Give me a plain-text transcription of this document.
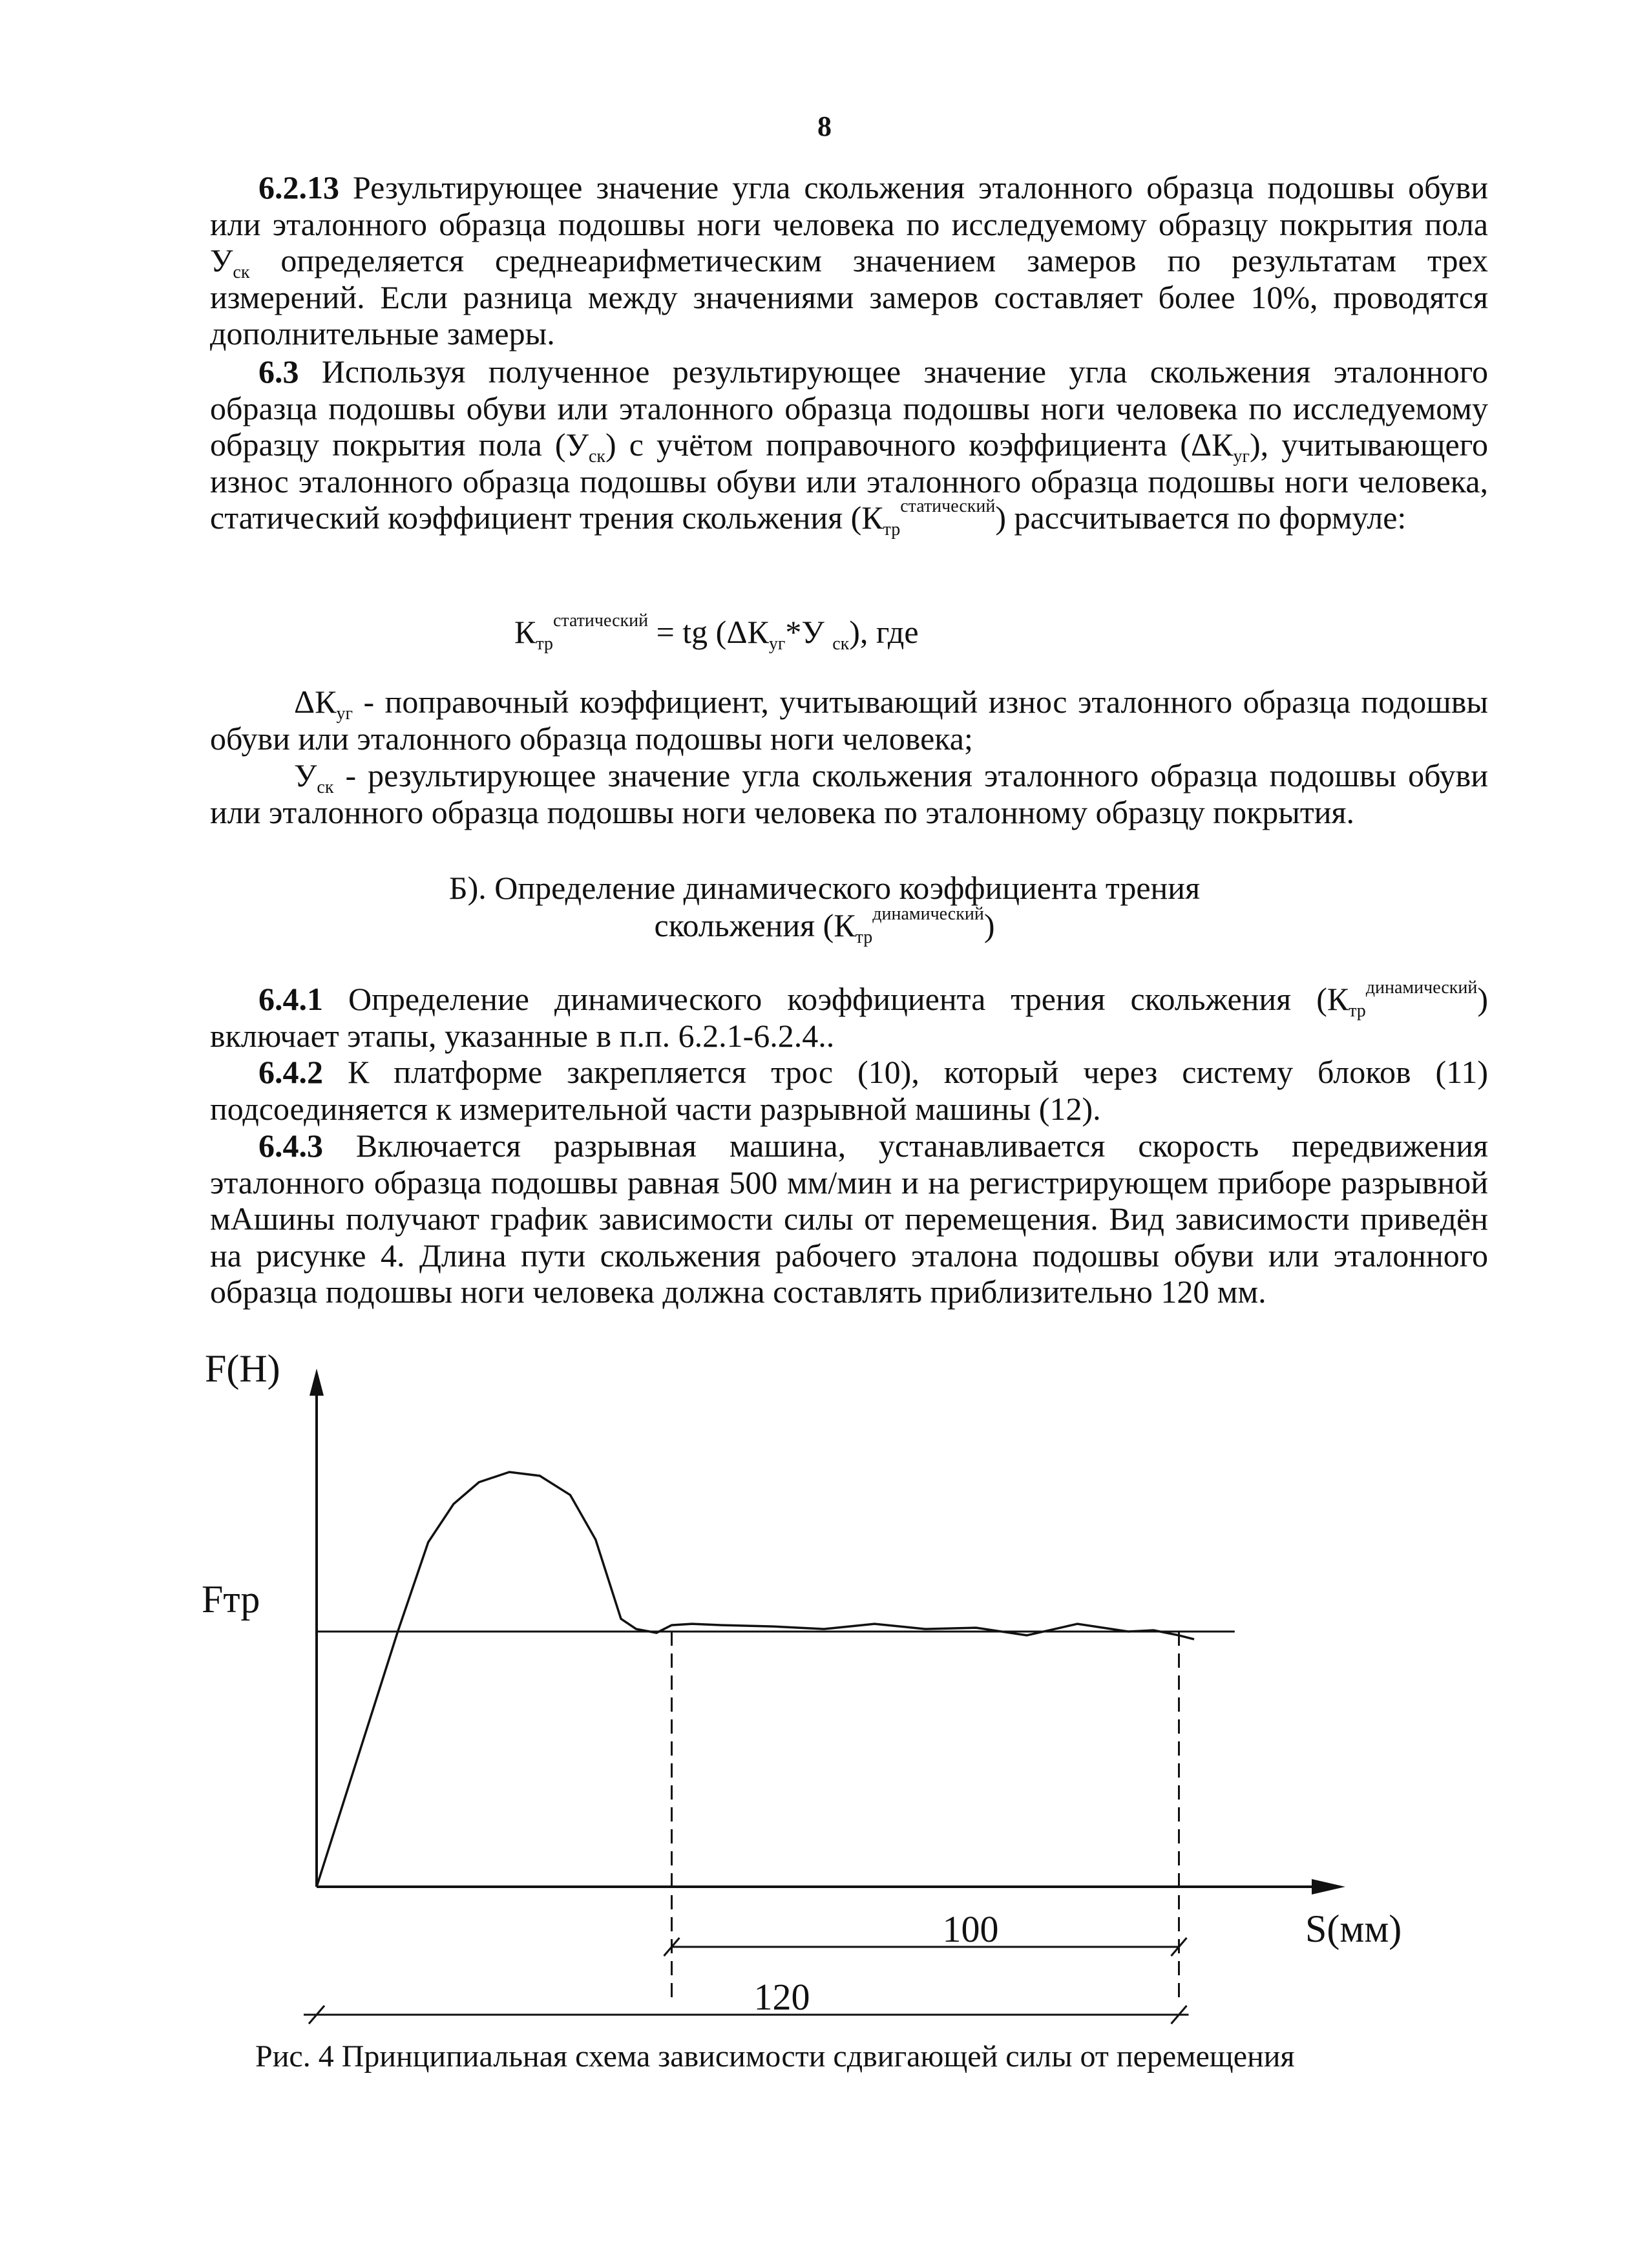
8

6.2.13 Результирующее значение угла скольжения эталонного образца подошвы обуви или эталонного образца подошвы ноги человека по исследуемому образцу покрытия пола $У_{ск}$ определяется среднеарифметическим значением замеров по результатам трех измерений. Если разница между значениями замеров составляет более 10%, проводятся дополнительные замеры.

6.3 Используя полученное результирующее значение угла скольжения эталонного образца подошвы обуви или эталонного образца подошвы ноги человека по исследуемому образцу покрытия пола $(У_{ск})$ с учётом поправочного коэффициента $(\Delta К_{уг})$, учитывающего износ эталонного образца подошвы обуви или эталонного образца подошвы ноги человека, статический коэффициент трения скольжения $(К_{тр}^{статический})$ рассчитывается по формуле:

$К_{тр}^{статический}$ = tg ($\Delta К_{уг}*У$ $_{ск}$), где

$\Delta К_{уг}$ - поправочный коэффициент, учитывающий износ эталонного образца подошвы обуви или эталонного образца подошвы ноги человека;

$У_{ск}$ - результирующее значение угла скольжения эталонного образца подошвы обуви или эталонного образца подошвы ноги человека по эталонному образцу покрытия.

Б). Определение динамического коэффициента трения
скольжения $(К_{тр}^{динамический})$

6.4.1 Определение динамического коэффициента трения скольжения $(К_{тр}^{динамический})$ включает этапы, указанные в п.п. 6.2.1-6.2.4..

6.4.2 К платформе закрепляется трос (10), который через систему блоков (11) подсоединяется к измерительной части разрывной машины (12).

6.4.3 Включается разрывная машина, устанавливается скорость передвижения эталонного образца подошвы равная 500 мм/мин и на регистрирующем приборе разрывной мАшины получают график зависимости силы от перемещения. Вид зависимости приведён на рисунке 4. Длина пути скольжения рабочего эталона подошвы обуви или эталонного образца подошвы ноги человека должна составлять приблизительно 120 мм.

F(H)
Fтр
S(мм)
100
120
Рис. 4 Принципиальная схема зависимости сдвигающей силы от перемещения
